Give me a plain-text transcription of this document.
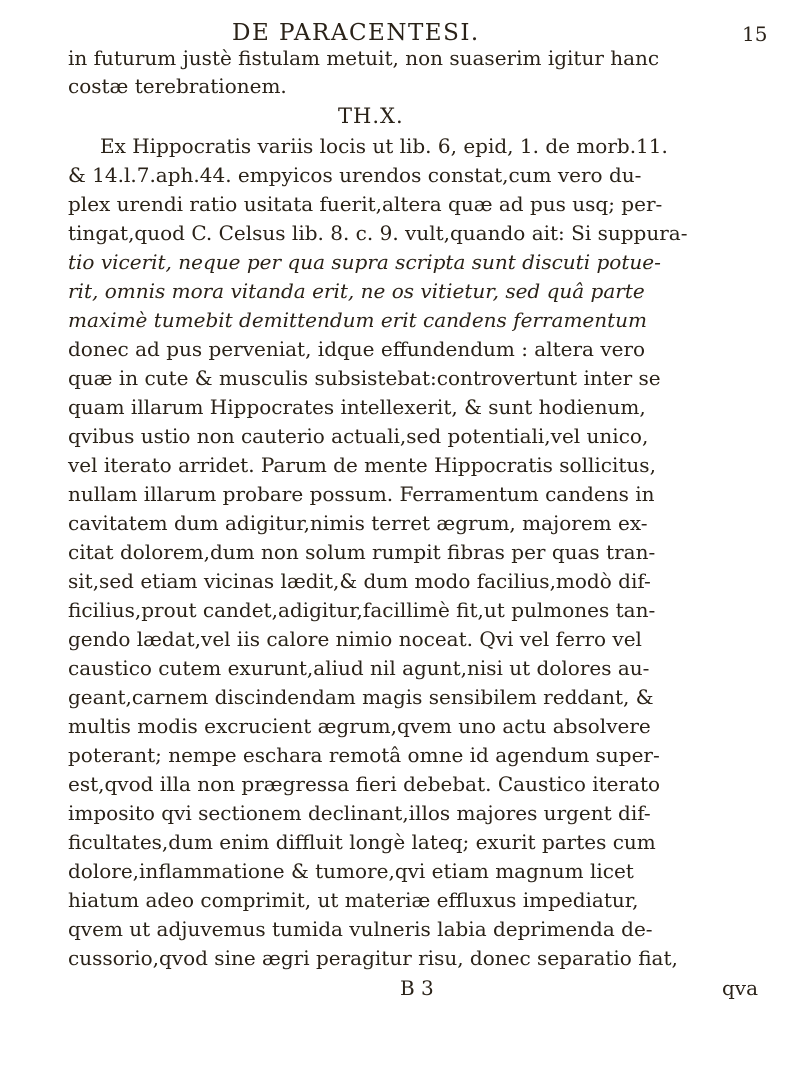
DE PARACENTESI.	15
in futurum justè fistulam metuit, non suaserim igitur hanc
costæ terebrationem.
TH.X.
Ex Hippocratis variis locis ut lib. 6, epid, 1. de morb.11.
& 14.l.7.aph.44. empyicos urendos constat,cum vero du-
plex urendi ratio usitata fuerit,altera quæ ad pus usq; per-
tingat,quod C. Celsus lib. 8. c. 9. vult,quando ait: Si suppura-
tio vicerit, neque per qua supra scripta sunt discuti potue-
rit, omnis mora vitanda erit, ne os vitietur, sed quâ parte
maximè tumebit demittendum erit candens ferramentum
donec ad pus perveniat, idque effundendum : altera vero
quæ in cute & musculis subsistebat:controvertunt inter se
quam illarum Hippocrates intellexerit, & sunt hodienum,
qvibus ustio non cauterio actuali,sed potentiali,vel unico,
vel iterato arridet. Parum de mente Hippocratis sollicitus,
nullam illarum probare possum. Ferramentum candens in
cavitatem dum adigitur,nimis terret ægrum, majorem ex-
citat dolorem,dum non solum rumpit fibras per quas tran-
sit,sed etiam vicinas lædit,& dum modo facilius,modò dif-
ficilius,prout candet,adigitur,facillimè fit,ut pulmones tan-
gendo lædat,vel iis calore nimio noceat. Qvi vel ferro vel
caustico cutem exurunt,aliud nil agunt,nisi ut dolores au-
geant,carnem discindendam magis sensibilem reddant, &
multis modis excrucient ægrum,qvem uno actu absolvere
poterant; nempe eschara remotâ omne id agendum super-
est,qvod illa non prægressa fieri debebat. Caustico iterato
imposito qvi sectionem declinant,illos majores urgent dif-
ficultates,dum enim diffluit longè lateq; exurit partes cum
dolore,inflammatione & tumore,qvi etiam magnum licet
hiatum adeo comprimit, ut materiæ effluxus impediatur,
qvem ut adjuvemus tumida vulneris labia deprimenda de-
cussorio,qvod sine ægri peragitur risu, donec separatio fiat,
B 3	qva
